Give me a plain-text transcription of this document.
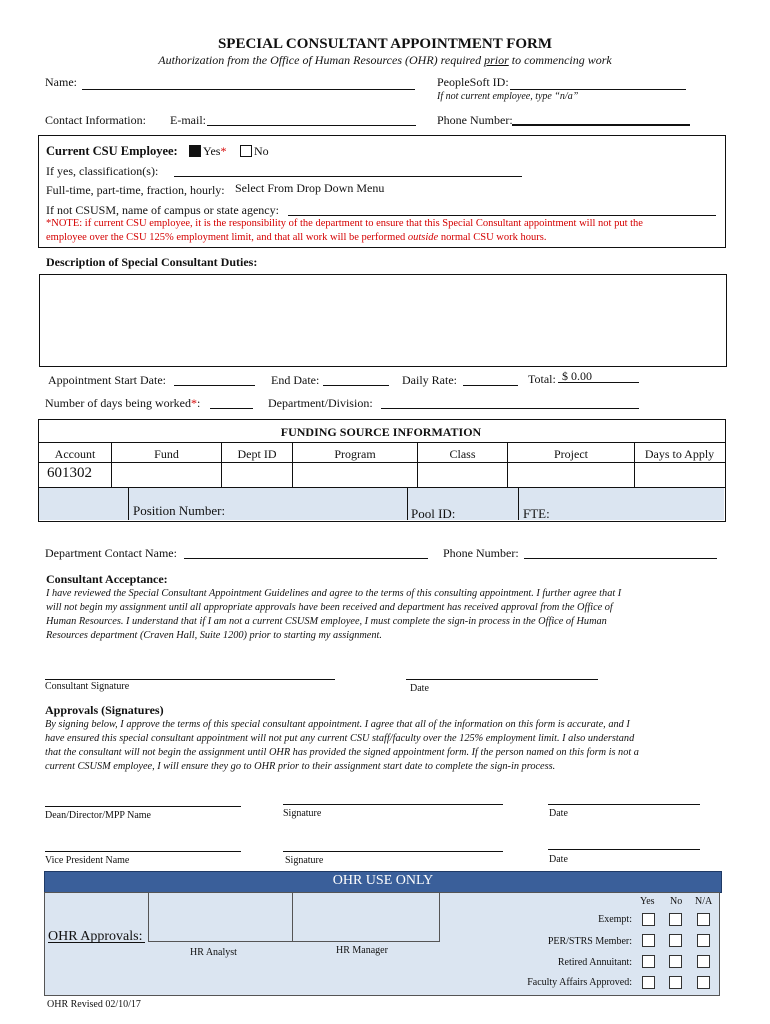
SPECIAL CONSULTANT APPOINTMENT FORM
Authorization from the Office of Human Resources (OHR) required prior to commencing work
Name:	PeopleSoft ID:
If not current employee, type “n/a”
Contact Information: E-mail:	Phone Number:
Current CSU Employee:	Yes*	No
If yes, classification(s):
Full-time, part-time, fraction, hourly: Select From Drop Down Menu
If not CSUSM, name of campus or state agency:
*NOTE: if current CSU employee, it is the responsibility of the department to ensure that this Special Consultant appointment will not put the
employee over the CSU 125% employment limit, and that all work will be performed outside normal CSU work hours.
Description of Special Consultant Duties:
Appointment Start Date:	End Date:	Daily Rate:	Total: $ 0.00
Number of days being worked*:	Department/Division:
FUNDING SOURCE INFORMATION
Account	Fund	Dept ID	Program	Class	Project	Days to Apply
601302
Position Number:	Pool ID:	FTE:
Department Contact Name:	Phone Number:
Consultant Acceptance:
I have reviewed the Special Consultant Appointment Guidelines and agree to the terms of this consulting appointment. I further agree that I
will not begin my assignment until all appropriate approvals have been received and department has received approval from the Office of
Human Resources. I understand that if I am not a current CSUSM employee, I must complete the sign-in process in the Office of Human
Resources department (Craven Hall, Suite 1200) prior to starting my assignment.
Consultant Signature	Date
Approvals (Signatures)
By signing below, I approve the terms of this special consultant appointment. I agree that all of the information on this form is accurate, and I
have ensured this special consultant appointment will not put any current CSU staff/faculty over the 125% employment limit. I also understand
that the consultant will not begin the assignment until OHR has provided the signed appointment form. If the person named on this form is not a
current CSUSM employee, I will ensure they go to OHR prior to their assignment start date to complete the sign-in process.
Dean/Director/MPP Name	Signature	Date
Vice President Name	Signature	Date
OHR USE ONLY
OHR Approvals:
HR Analyst	HR Manager
Yes No N/A
Exempt:
PER/STRS Member:
Retired Annuitant:
Faculty Affairs Approved:
OHR Revised 02/10/17
